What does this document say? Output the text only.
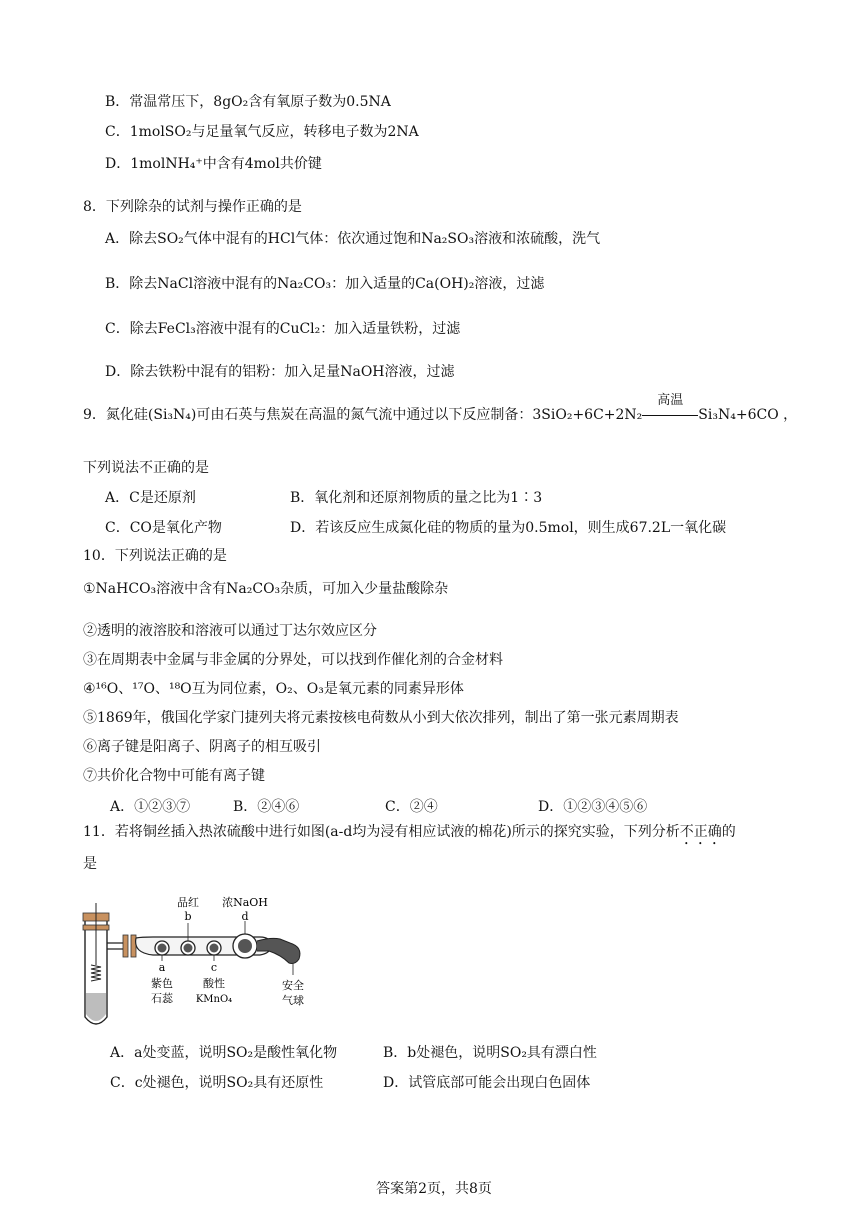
B．常温常压下，8gO₂含有氧原子数为0.5NA
C．1molSO₂与足量氧气反应，转移电子数为2NA
D．1molNH₄⁺中含有4mol共价键
8．下列除杂的试剂与操作正确的是
A．除去SO₂气体中混有的HCl气体：依次通过饱和Na₂SO₃溶液和浓硫酸，洗气
B．除去NaCl溶液中混有的Na₂CO₃：加入适量的Ca(OH)₂溶液，过滤
C．除去FeCl₃溶液中混有的CuCl₂：加入适量铁粉，过滤
D．除去铁粉中混有的铝粉：加入足量NaOH溶液，过滤
9．氮化硅(Si₃N₄)可由石英与焦炭在高温的氮气流中通过以下反应制备：3SiO₂+6C+2N₂
高温
Si₃N₄+6CO ，
下列说法不正确的是
A．C是还原剂	B．氧化剂和还原剂物质的量之比为1∶3
C．CO是氧化产物	D．若该反应生成氮化硅的物质的量为0.5mol，则生成67.2L一氧化碳
10．下列说法正确的是
①NaHCO₃溶液中含有Na₂CO₃杂质，可加入少量盐酸除杂
②透明的液溶胶和溶液可以通过丁达尔效应区分
③在周期表中金属与非金属的分界处，可以找到作催化剂的合金材料
④¹⁶O、¹⁷O、¹⁸O互为同位素，O₂、O₃是氧元素的同素异形体
⑤1869年，俄国化学家门捷列夫将元素按核电荷数从小到大依次排列，制出了第一张元素周期表
⑥离子键是阳离子、阴离子的相互吸引
⑦共价化合物中可能有离子键
A．①②③⑦	B．②④⑥	C．②④	D．①②③④⑤⑥
11．若将铜丝插入热浓硫酸中进行如图(a-d均为浸有相应试液的棉花)所示的探究实验，下列分析不正确的
是
品红
b
浓NaOH
d
a
紫色
石蕊
c
酸性
KMnO₄
安全
气球
A．a处变蓝，说明SO₂是酸性氧化物	B．b处褪色，说明SO₂具有漂白性
C．c处褪色，说明SO₂具有还原性	D．试管底部可能会出现白色固体
答案第2页，共8页
